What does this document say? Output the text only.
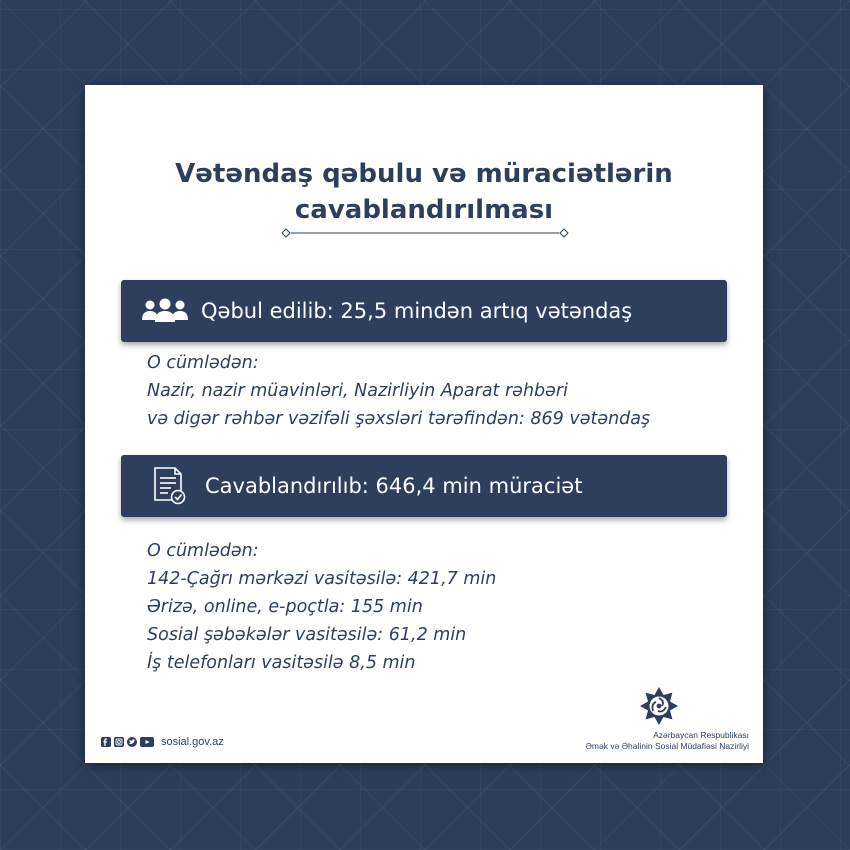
Vətəndaş qəbulu və müraciətlərin
cavablandırılması
Qəbul edilib: 25,5 mindən artıq vətəndaş
O cümlədən:
Nazir, nazir müavinləri, Nazirliyin Aparat rəhbəri
və digər rəhbər vəzifəli şəxsləri tərəfindən: 869 vətəndaş
Cavablandırılıb: 646,4 min müraciət
O cümlədən:
142-Çağrı mərkəzi vasitəsilə: 421,7 min
Ərizə, online, e-poçtla: 155 min
Sosial şəbəkələr vasitəsilə: 61,2 min
İş telefonları vasitəsilə 8,5 min
sosial.gov.az
Azərbaycan Respublikası
Əmək və Əhalinin Sosial Müdafiəsi Nazirliyi
